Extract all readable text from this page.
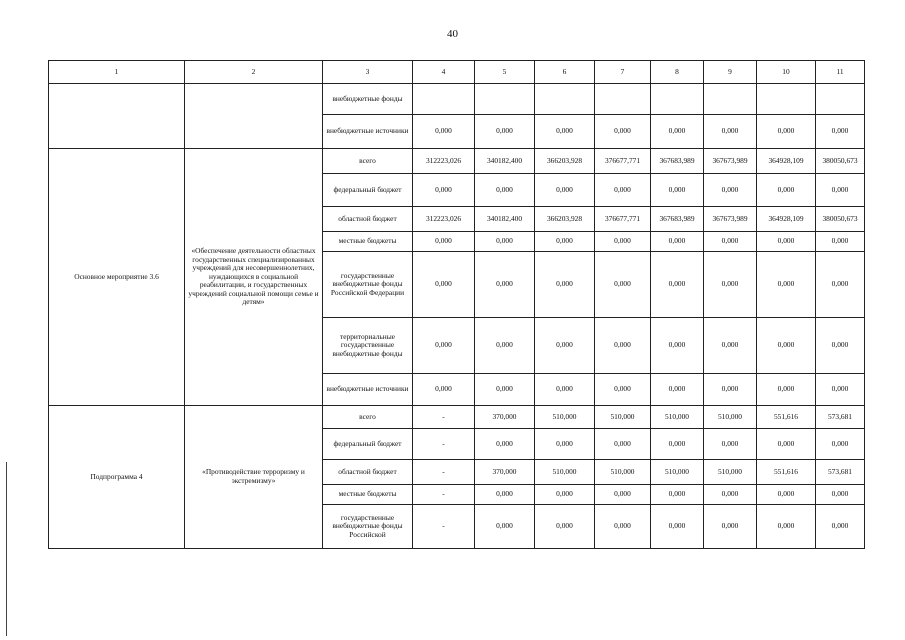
40
1	2	3	4	5	6	7	8	9	10	11
		внебюджетные фонды								
		внебюджетные источники	0,000	0,000	0,000	0,000	0,000	0,000	0,000	0,000
Основное мероприятие 3.6	«Обеспечение деятельности областных государственных специализированных учреждений для несовершеннолетних, нуждающихся в социальной реабилитации, и государственных учреждений социальной помощи семье и детям»	всего	312223,026	340182,400	366203,928	376677,771	367683,989	367673,989	364928,109	380050,673
		федеральный бюджет	0,000	0,000	0,000	0,000	0,000	0,000	0,000	0,000
		областной бюджет	312223,026	340182,400	366203,928	376677,771	367683,989	367673,989	364928,109	380050,673
		местные бюджеты	0,000	0,000	0,000	0,000	0,000	0,000	0,000	0,000
		государственные внебюджетные фонды Российской Федерации	0,000	0,000	0,000	0,000	0,000	0,000	0,000	0,000
		территориальные государственные внебюджетные фонды	0,000	0,000	0,000	0,000	0,000	0,000	0,000	0,000
		внебюджетные источники	0,000	0,000	0,000	0,000	0,000	0,000	0,000	0,000
Подпрограмма 4	«Противодействие терроризму и экстремизму»	всего	-	370,000	510,000	510,000	510,000	510,000	551,616	573,681
		федеральный бюджет	-	0,000	0,000	0,000	0,000	0,000	0,000	0,000
		областной бюджет	-	370,000	510,000	510,000	510,000	510,000	551,616	573,681
		местные бюджеты	-	0,000	0,000	0,000	0,000	0,000	0,000	0,000
		государственные внебюджетные фонды Российской	-	0,000	0,000	0,000	0,000	0,000	0,000	0,000
